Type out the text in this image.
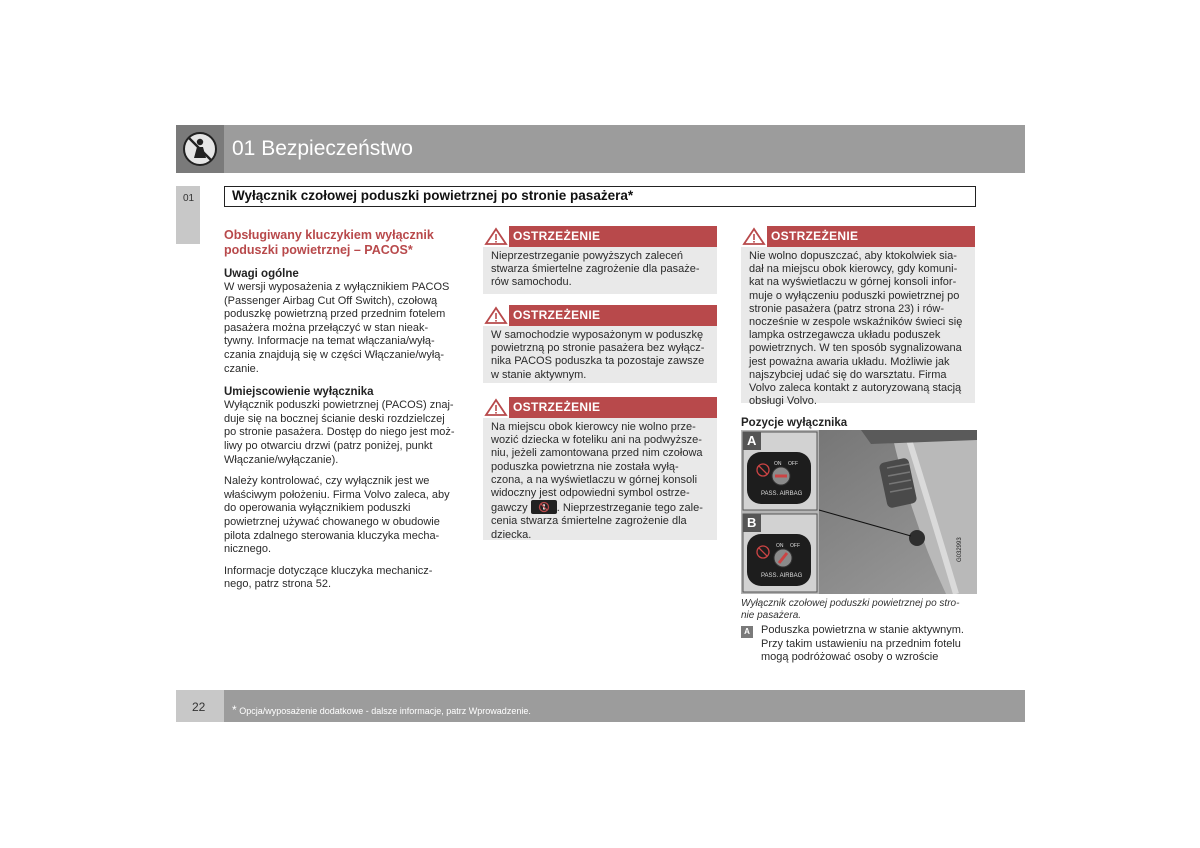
01 Bezpieczeństwo
01	Wyłącznik czołowej poduszki powietrznej po stronie pasażera*
Obsługiwany kluczykiem wyłącznik
poduszki powietrznej – PACOS*
Uwagi ogólne
W wersji wyposażenia z wyłącznikiem PACOS
(Passenger Airbag Cut Off Switch), czołową
poduszkę powietrzną przed przednim fotelem
pasażera można przełączyć w stan nieak-
tywny. Informacje na temat włączania/wyłą-
czania znajdują się w części Włączanie/wyłą-
czanie.
Umiejscowienie wyłącznika
Wyłącznik poduszki powietrznej (PACOS) znaj-
duje się na bocznej ścianie deski rozdzielczej
po stronie pasażera. Dostęp do niego jest moż-
liwy po otwarciu drzwi (patrz poniżej, punkt
Włączanie/wyłączanie).
Należy kontrolować, czy wyłącznik jest we
właściwym położeniu. Firma Volvo zaleca, aby
do operowania wyłącznikiem poduszki
powietrznej używać chowanego w obudowie
pilota zdalnego sterowania kluczyka mecha-
nicznego.
Informacje dotyczące kluczyka mechanicz-
nego, patrz strona 52.
OSTRZEŻENIE
Nieprzestrzeganie powyższych zaleceń
stwarza śmiertelne zagrożenie dla pasaże-
rów samochodu.
OSTRZEŻENIE
W samochodzie wyposażonym w poduszkę
powietrzną po stronie pasażera bez wyłącz-
nika PACOS poduszka ta pozostaje zawsze
w stanie aktywnym.
OSTRZEŻENIE
Na miejscu obok kierowcy nie wolno prze-
wozić dziecka w foteliku ani na podwyższe-
niu, jeżeli zamontowana przed nim czołowa
poduszka powietrzna nie została wyłą-
czona, a na wyświetlaczu w górnej konsoli
widoczny jest odpowiedni symbol ostrze-
gawczy	. Nieprzestrzeganie tego zale-
cenia stwarza śmiertelne zagrożenie dla
dziecka.
OSTRZEŻENIE
Nie wolno dopuszczać, aby ktokolwiek sia-
dał na miejscu obok kierowcy, gdy komuni-
kat na wyświetlaczu w górnej konsoli infor-
muje o wyłączeniu poduszki powietrznej po
stronie pasażera (patrz strona 23) i rów-
nocześnie w zespole wskaźników świeci się
lampka ostrzegawcza układu poduszek
powietrznych. W ten sposób sygnalizowana
jest poważna awaria układu. Możliwie jak
najszybciej udać się do warsztatu. Firma
Volvo zaleca kontakt z autoryzowaną stacją
obsługi Volvo.
Pozycje wyłącznika
A
B
ON OFF
PASS. AIRBAG
ON OFF
PASS. AIRBAG
G032993
Wyłącznik czołowej poduszki powietrznej po stro-
nie pasażera.
A Poduszka powietrzna w stanie aktywnym.
Przy takim ustawieniu na przednim fotelu
mogą podróżować osoby o wzroście
22 * Opcja/wyposażenie dodatkowe - dalsze informacje, patrz Wprowadzenie.
